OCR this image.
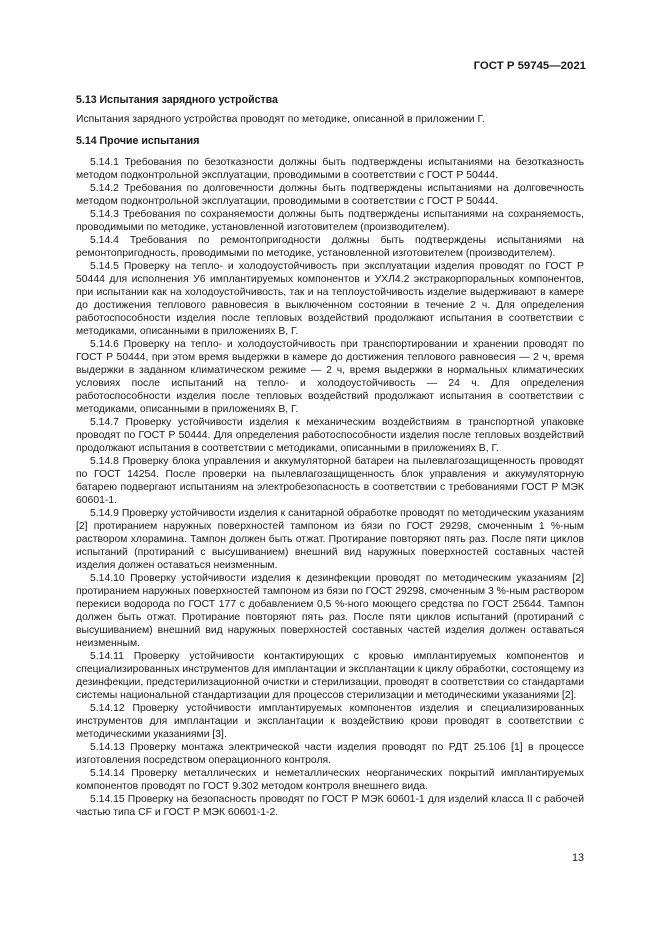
ГОСТ Р 59745—2021

5.13 Испытания зарядного устройства

Испытания зарядного устройства проводят по методике, описанной в приложении Г.

5.14 Прочие испытания

5.14.1 Требования по безотказности должны быть подтверждены испытаниями на безотказность методом подконтрольной эксплуатации, проводимыми в соответствии с ГОСТ Р 50444.

5.14.2 Требования по долговечности должны быть подтверждены испытаниями на долговечность методом подконтрольной эксплуатации, проводимыми в соответствии с ГОСТ Р 50444.

5.14.3 Требования по сохраняемости должны быть подтверждены испытаниями на сохраняемость, проводимыми по методике, установленной изготовителем (производителем).

5.14.4 Требования по ремонтопригодности должны быть подтверждены испытаниями на ремонтопригодность, проводимыми по методике, установленной изготовителем (производителем).

5.14.5 Проверку на тепло- и холодоустойчивость при эксплуатации изделия проводят по ГОСТ Р 50444 для исполнения У6 имплантируемых компонентов и УХЛ4.2 экстракорпоральных компонентов, при испытании как на холодоустойчивость, так и на теплоустойчивость изделие выдерживают в камере до достижения теплового равновесия в выключенном состоянии в течение 2 ч. Для определения работоспособности изделия после тепловых воздействий продолжают испытания в соответствии с методиками, описанными в приложениях В, Г.

5.14.6 Проверку на тепло- и холодоустойчивость при транспортировании и хранении проводят по ГОСТ Р 50444, при этом время выдержки в камере до достижения теплового равновесия — 2 ч, время выдержки в заданном климатическом режиме — 2 ч, время выдержки в нормальных климатических условиях после испытаний на тепло- и холодоустойчивость — 24 ч. Для определения работоспособности изделия после тепловых воздействий продолжают испытания в соответствии с методиками, описанными в приложениях В, Г.

5.14.7 Проверку устойчивости изделия к механическим воздействиям в транспортной упаковке проводят по ГОСТ Р 50444. Для определения работоспособности изделия после тепловых воздействий продолжают испытания в соответствии с методиками, описанными в приложениях В, Г.

5.14.8 Проверку блока управления и аккумуляторной батареи на пылевлагозащищенность проводят по ГОСТ 14254. После проверки на пылевлагозащищенность блок управления и аккумуляторную батарею подвергают испытаниям на электробезопасность в соответствии с требованиями ГОСТ Р МЭК 60601-1.

5.14.9 Проверку устойчивости изделия к санитарной обработке проводят по методическим указаниям [2] протиранием наружных поверхностей тампоном из бязи по ГОСТ 29298, смоченным 1 %-ным раствором хлорамина. Тампон должен быть отжат. Протирание повторяют пять раз. После пяти циклов испытаний (протираний с высушиванием) внешний вид наружных поверхностей составных частей изделия должен оставаться неизменным.

5.14.10 Проверку устойчивости изделия к дезинфекции проводят по методическим указаниям [2] протиранием наружных поверхностей тампоном из бязи по ГОСТ 29298, смоченным 3 %-ным раствором перекиси водорода по ГОСТ 177 с добавлением 0,5 %-ного моющего средства по ГОСТ 25644. Тампон должен быть отжат. Протирание повторяют пять раз. После пяти циклов испытаний (протираний с высушиванием) внешний вид наружных поверхностей составных частей изделия должен оставаться неизменным.

5.14.11 Проверку устойчивости контактирующих с кровью имплантируемых компонентов и специализированных инструментов для имплантации и эксплантации к циклу обработки, состоящему из дезинфекции, предстерилизационной очистки и стерилизации, проводят в соответствии со стандартами системы национальной стандартизации для процессов стерилизации и методическими указаниями [2].

5.14.12 Проверку устойчивости имплантируемых компонентов изделия и специализированных инструментов для имплантации и эксплантации к воздействию крови проводят в соответствии с методическими указаниями [3].

5.14.13 Проверку монтажа электрической части изделия проводят по РДТ 25.106 [1] в процессе изготовления посредством операционного контроля.

5.14.14 Проверку металлических и неметаллических неорганических покрытий имплантируемых компонентов проводят по ГОСТ 9.302 методом контроля внешнего вида.

5.14.15 Проверку на безопасность проводят по ГОСТ Р МЭК 60601-1 для изделий класса II с рабочей частью типа CF и ГОСТ Р МЭК 60601-1-2.

13
